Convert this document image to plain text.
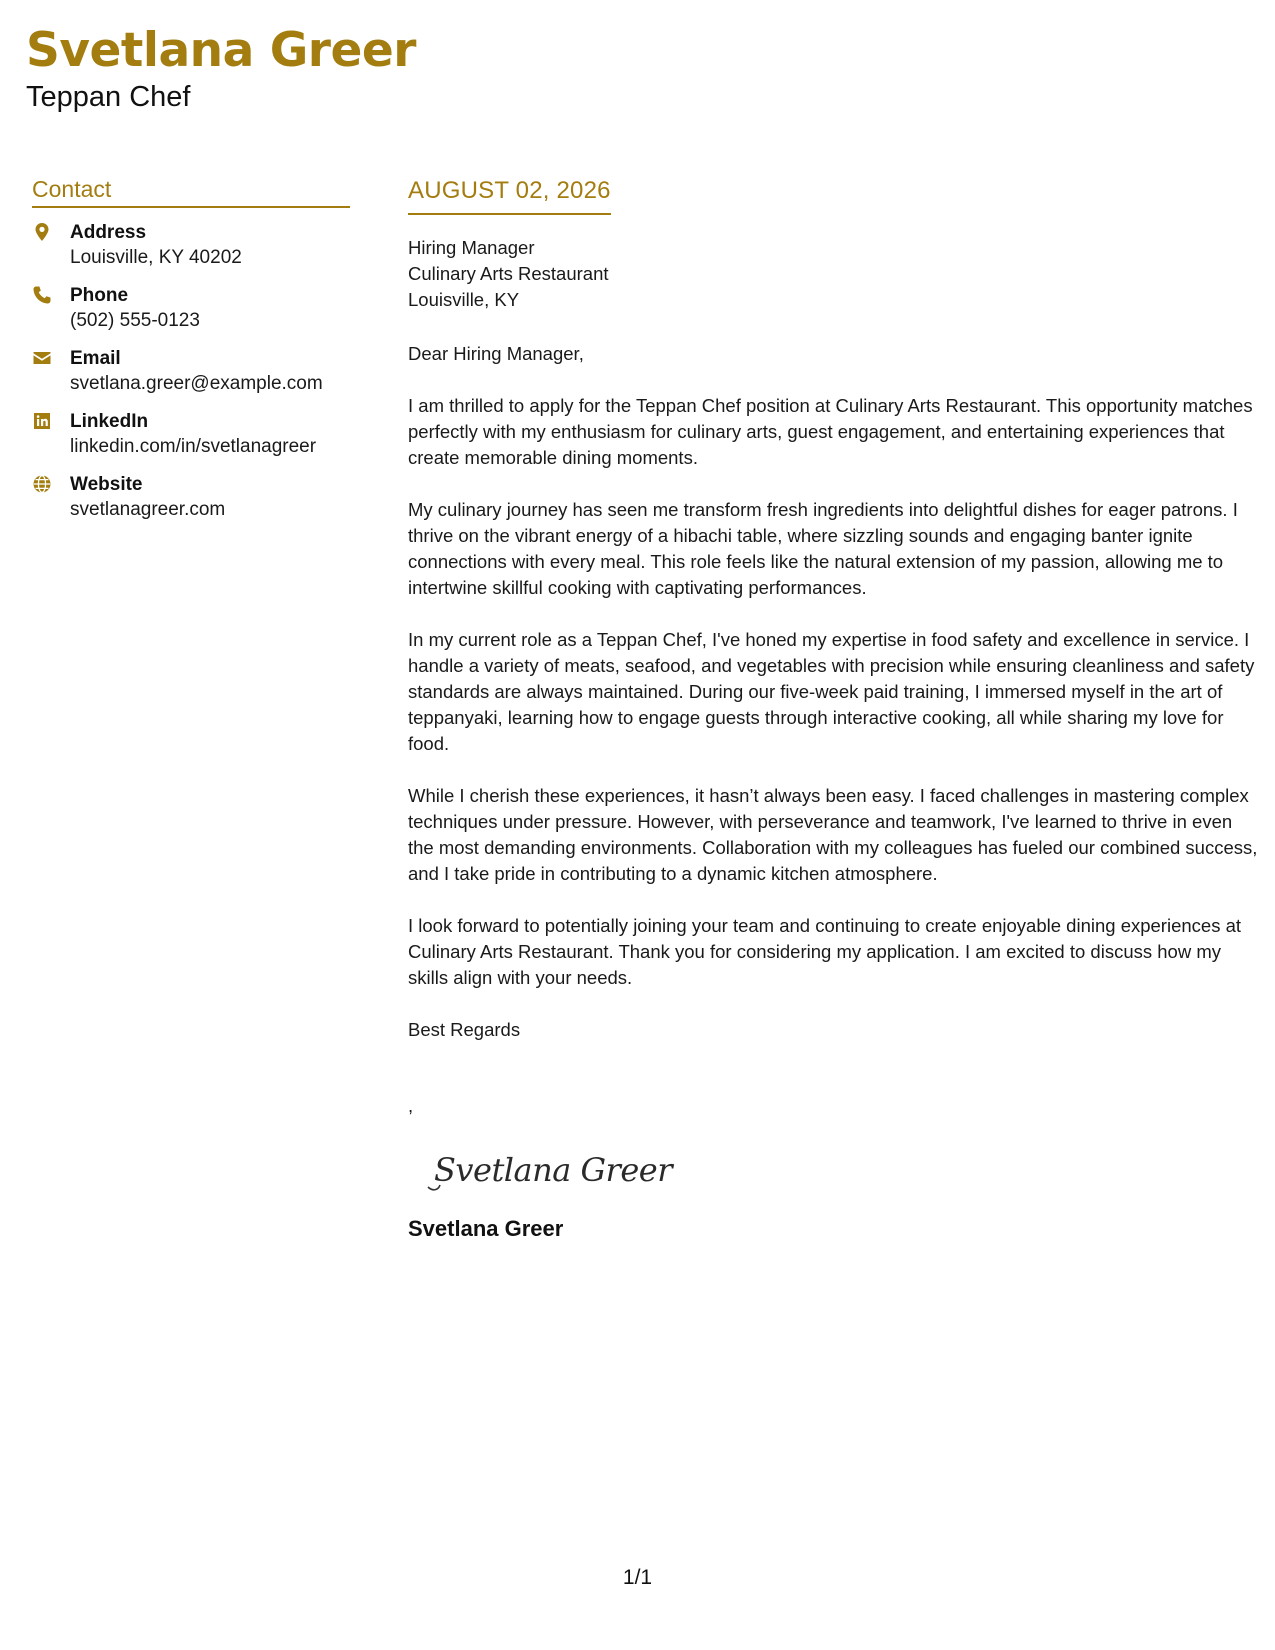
Svetlana Greer
Teppan Chef
Contact
Address
Louisville, KY 40202
Phone
(502) 555-0123
Email
svetlana.greer@example.com
LinkedIn
linkedin.com/in/svetlanagreer
Website
svetlanagreer.com
AUGUST 02, 2026
Hiring Manager
Culinary Arts Restaurant
Louisville, KY
Dear Hiring Manager,

I am thrilled to apply for the Teppan Chef position at Culinary Arts Restaurant. This opportunity matches perfectly with my enthusiasm for culinary arts, guest engagement, and entertaining experiences that create memorable dining moments.

My culinary journey has seen me transform fresh ingredients into delightful dishes for eager patrons. I thrive on the vibrant energy of a hibachi table, where sizzling sounds and engaging banter ignite connections with every meal. This role feels like the natural extension of my passion, allowing me to intertwine skillful cooking with captivating performances.

In my current role as a Teppan Chef, I've honed my expertise in food safety and excellence in service. I handle a variety of meats, seafood, and vegetables with precision while ensuring cleanliness and safety standards are always maintained. During our five-week paid training, I immersed myself in the art of teppanyaki, learning how to engage guests through interactive cooking, all while sharing my love for food.

While I cherish these experiences, it hasn’t always been easy. I faced challenges in mastering complex techniques under pressure. However, with perseverance and teamwork, I've learned to thrive in even the most demanding environments. Collaboration with my colleagues has fueled our combined success, and I take pride in contributing to a dynamic kitchen atmosphere.

I look forward to potentially joining your team and continuing to create enjoyable dining experiences at Culinary Arts Restaurant. Thank you for considering my application. I am excited to discuss how my skills align with your needs.

Best Regards
,
Svetlana Greer
Svetlana Greer
1/1
